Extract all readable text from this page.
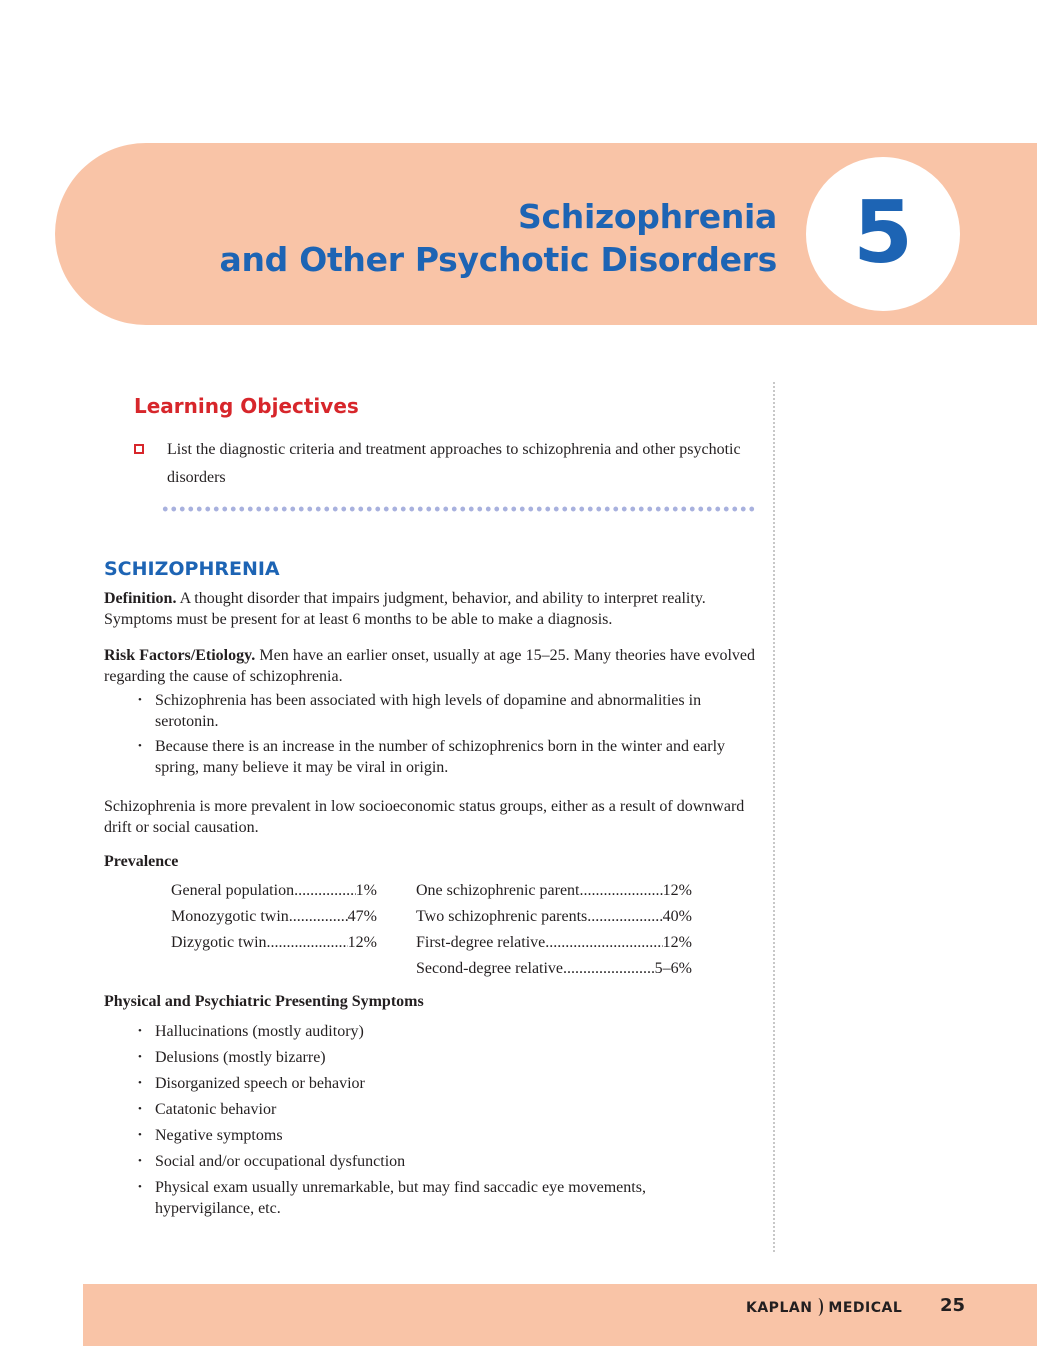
Schizophrenia
and Other Psychotic Disorders 5
Learning Objectives
List the diagnostic criteria and treatment approaches to schizophrenia and other psychotic disorders
SCHIZOPHRENIA
Definition. A thought disorder that impairs judgment, behavior, and ability to interpret reality. Symptoms must be present for at least 6 months to be able to make a diagnosis.
Risk Factors/Etiology. Men have an earlier onset, usually at age 15–25. Many theories have evolved regarding the cause of schizophrenia.
• Schizophrenia has been associated with high levels of dopamine and abnormalities in serotonin.
• Because there is an increase in the number of schizophrenics born in the winter and early spring, many believe it may be viral in origin.
Schizophrenia is more prevalent in low socioeconomic status groups, either as a result of downward drift or social causation.
Prevalence
General population .....	1%
Monozygotic twin .....	47%
Dizygotic twin .....	12%
One schizophrenic parent .....	12%
Two schizophrenic parents .....	40%
First-degree relative .....	12%
Second-degree relative .....	5–6%
Physical and Psychiatric Presenting Symptoms
• Hallucinations (mostly auditory)
• Delusions (mostly bizarre)
• Disorganized speech or behavior
• Catatonic behavior
• Negative symptoms
• Social and/or occupational dysfunction
• Physical exam usually unremarkable, but may find saccadic eye movements, hypervigilance, etc.
KAPLAN MEDICAL 25
